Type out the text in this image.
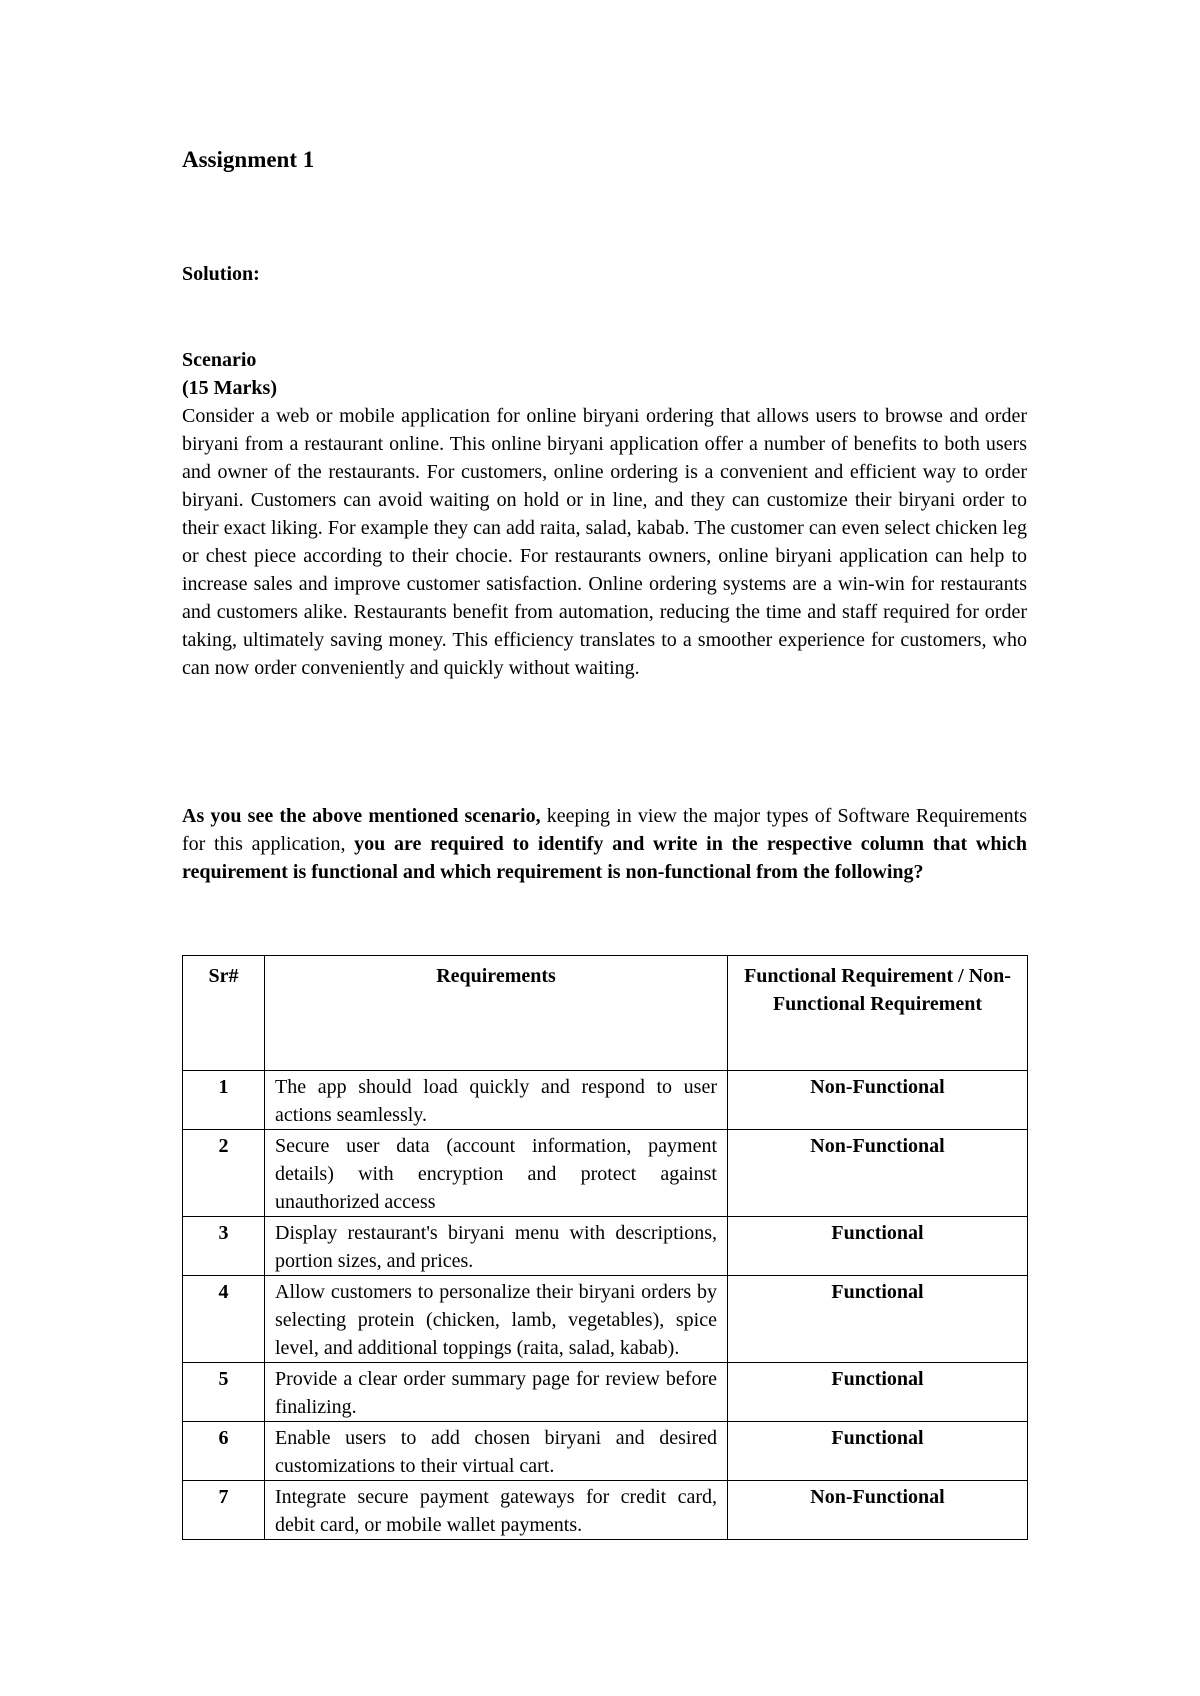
Assignment 1
Solution:
Scenario
(15 Marks)

Consider a web or mobile application for online biryani ordering that allows users to browse and order biryani from a restaurant online. This online biryani application offer a number of benefits to both users and owner of the restaurants. For customers, online ordering is a convenient and efficient way to order biryani. Customers can avoid waiting on hold or in line, and they can customize their biryani order to their exact liking. For example they can add raita, salad, kabab. The customer can even select chicken leg or chest piece according to their chocie. For restaurants owners, online biryani application can help to increase sales and improve customer satisfaction. Online ordering systems are a win-win for restaurants and customers alike. Restaurants benefit from automation, reducing the time and staff required for order taking, ultimately saving money. This efficiency translates to a smoother experience for customers, who can now order conveniently and quickly without waiting.

As you see the above mentioned scenario, keeping in view the major types of Software Requirements for this application, you are required to identify and write in the respective column that which requirement is functional and which requirement is non-functional from the following?

Sr#	Requirements	Functional Requirement / Non-Functional Requirement
1	The app should load quickly and respond to user actions seamlessly.	Non-Functional
2	Secure user data (account information, payment details) with encryption and protect against unauthorized access	Non-Functional
3	Display restaurant's biryani menu with descriptions, portion sizes, and prices.	Functional
4	Allow customers to personalize their biryani orders by selecting protein (chicken, lamb, vegetables), spice level, and additional toppings (raita, salad, kabab).	Functional
5	Provide a clear order summary page for review before finalizing.	Functional
6	Enable users to add chosen biryani and desired customizations to their virtual cart.	Functional
7	Integrate secure payment gateways for credit card, debit card, or mobile wallet payments.	Non-Functional
